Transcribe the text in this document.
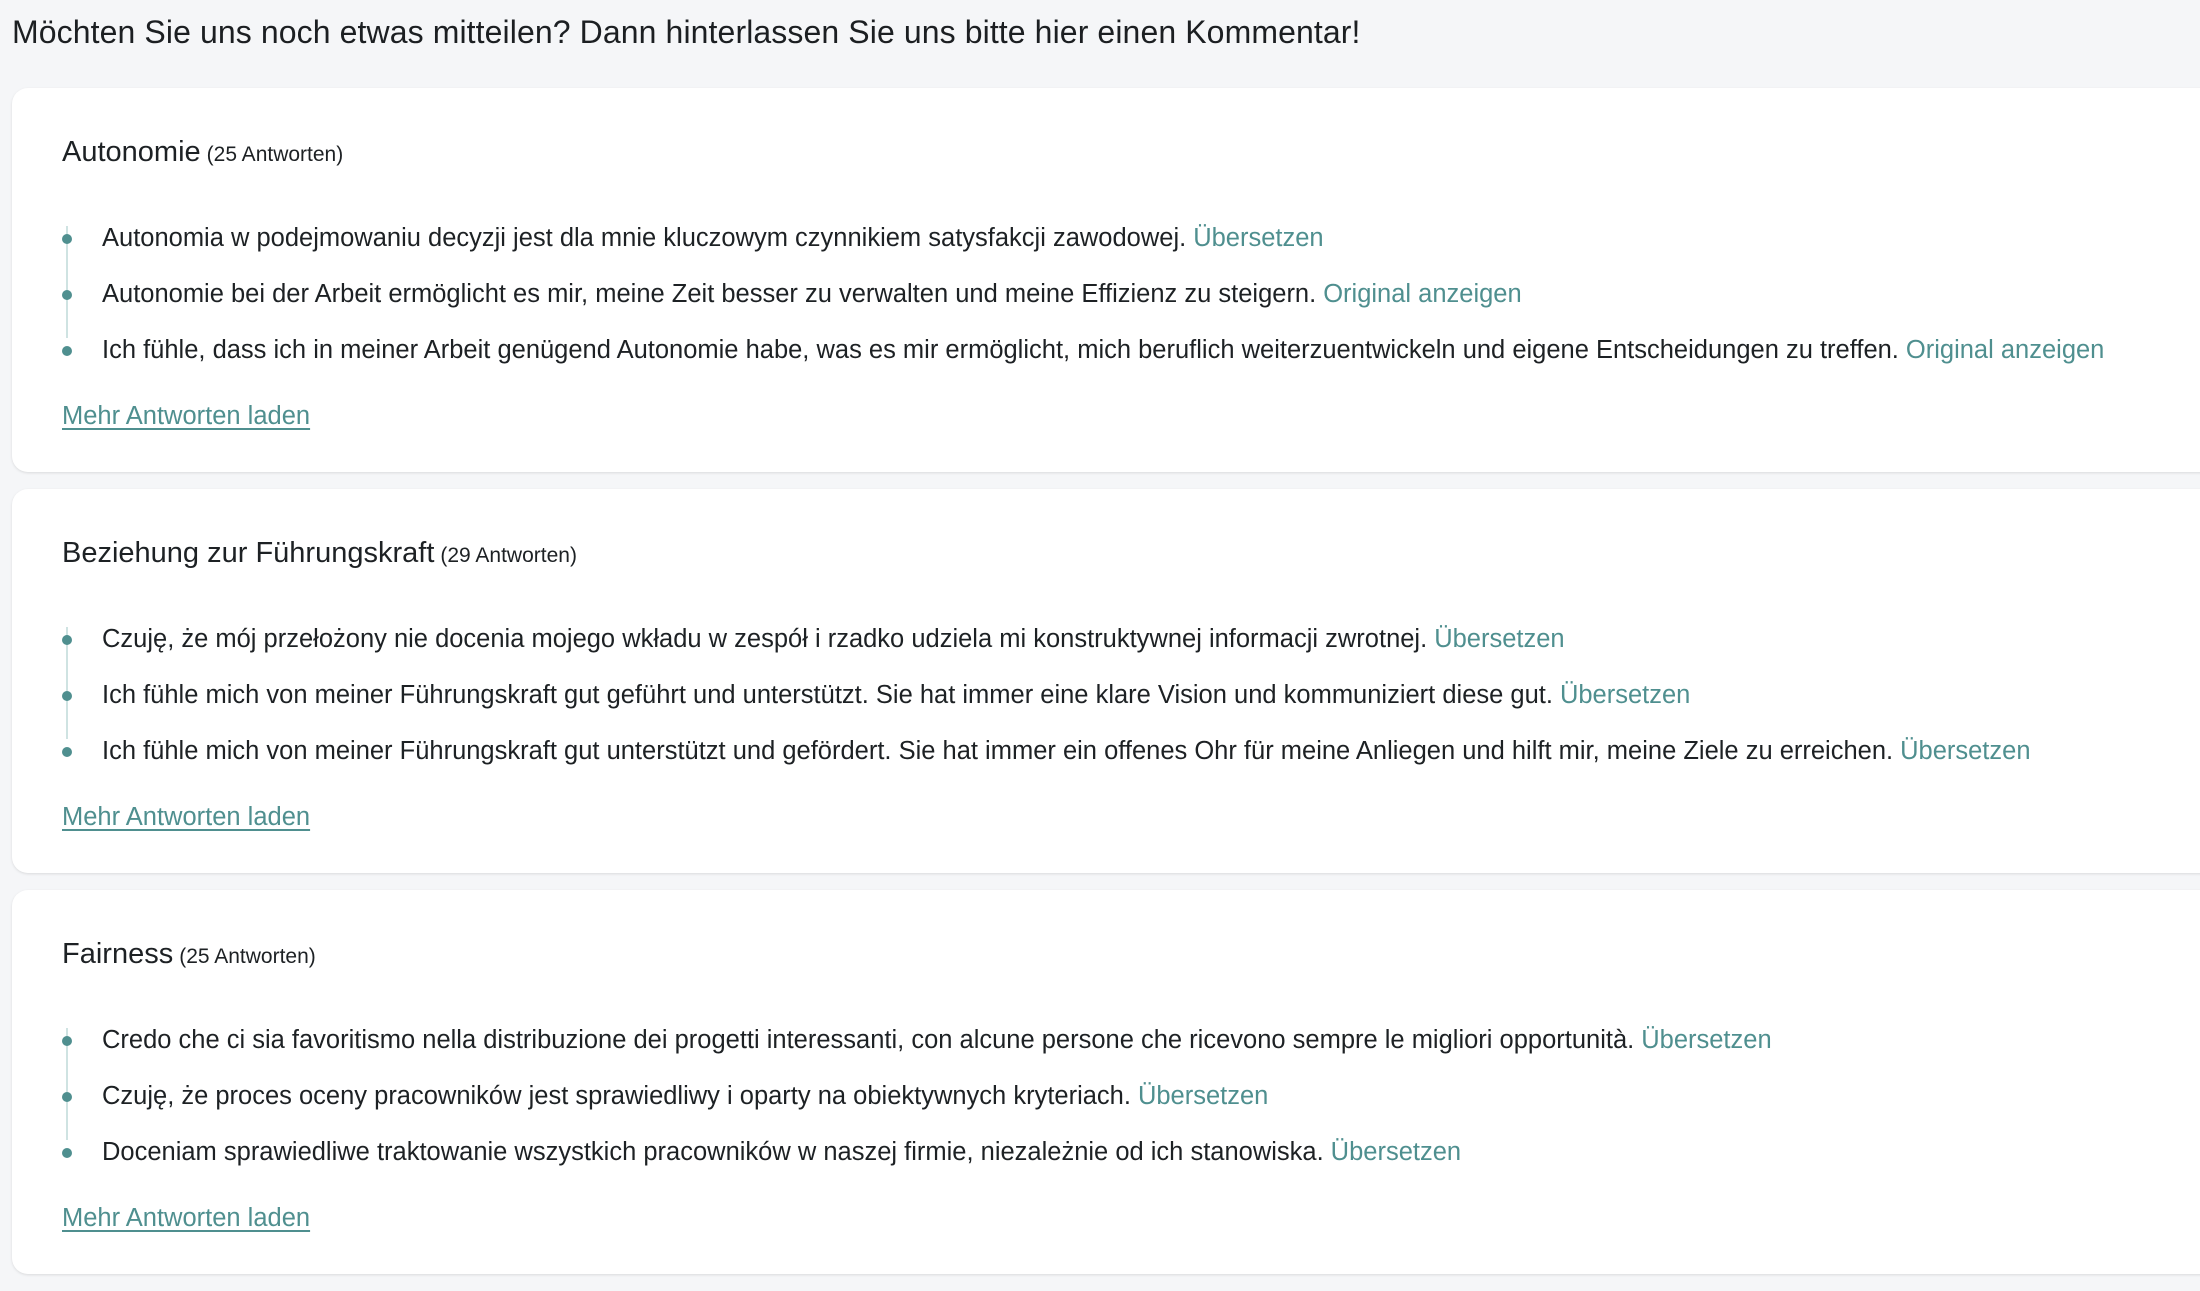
Möchten Sie uns noch etwas mitteilen? Dann hinterlassen Sie uns bitte hier einen Kommentar!
Autonomie (25 Antworten)
Autonomia w podejmowaniu decyzji jest dla mnie kluczowym czynnikiem satysfakcji zawodowej. Übersetzen
Autonomie bei der Arbeit ermöglicht es mir, meine Zeit besser zu verwalten und meine Effizienz zu steigern. Original anzeigen
Ich fühle, dass ich in meiner Arbeit genügend Autonomie habe, was es mir ermöglicht, mich beruflich weiterzuentwickeln und eigene Entscheidungen zu treffen. Original anzeigen
Mehr Antworten laden
Beziehung zur Führungskraft (29 Antworten)
Czuję, że mój przełożony nie docenia mojego wkładu w zespół i rzadko udziela mi konstruktywnej informacji zwrotnej. Übersetzen
Ich fühle mich von meiner Führungskraft gut geführt und unterstützt. Sie hat immer eine klare Vision und kommuniziert diese gut. Übersetzen
Ich fühle mich von meiner Führungskraft gut unterstützt und gefördert. Sie hat immer ein offenes Ohr für meine Anliegen und hilft mir, meine Ziele zu erreichen. Übersetzen
Mehr Antworten laden
Fairness (25 Antworten)
Credo che ci sia favoritismo nella distribuzione dei progetti interessanti, con alcune persone che ricevono sempre le migliori opportunità. Übersetzen
Czuję, że proces oceny pracowników jest sprawiedliwy i oparty na obiektywnych kryteriach. Übersetzen
Doceniam sprawiedliwe traktowanie wszystkich pracowników w naszej firmie, niezależnie od ich stanowiska. Übersetzen
Mehr Antworten laden
